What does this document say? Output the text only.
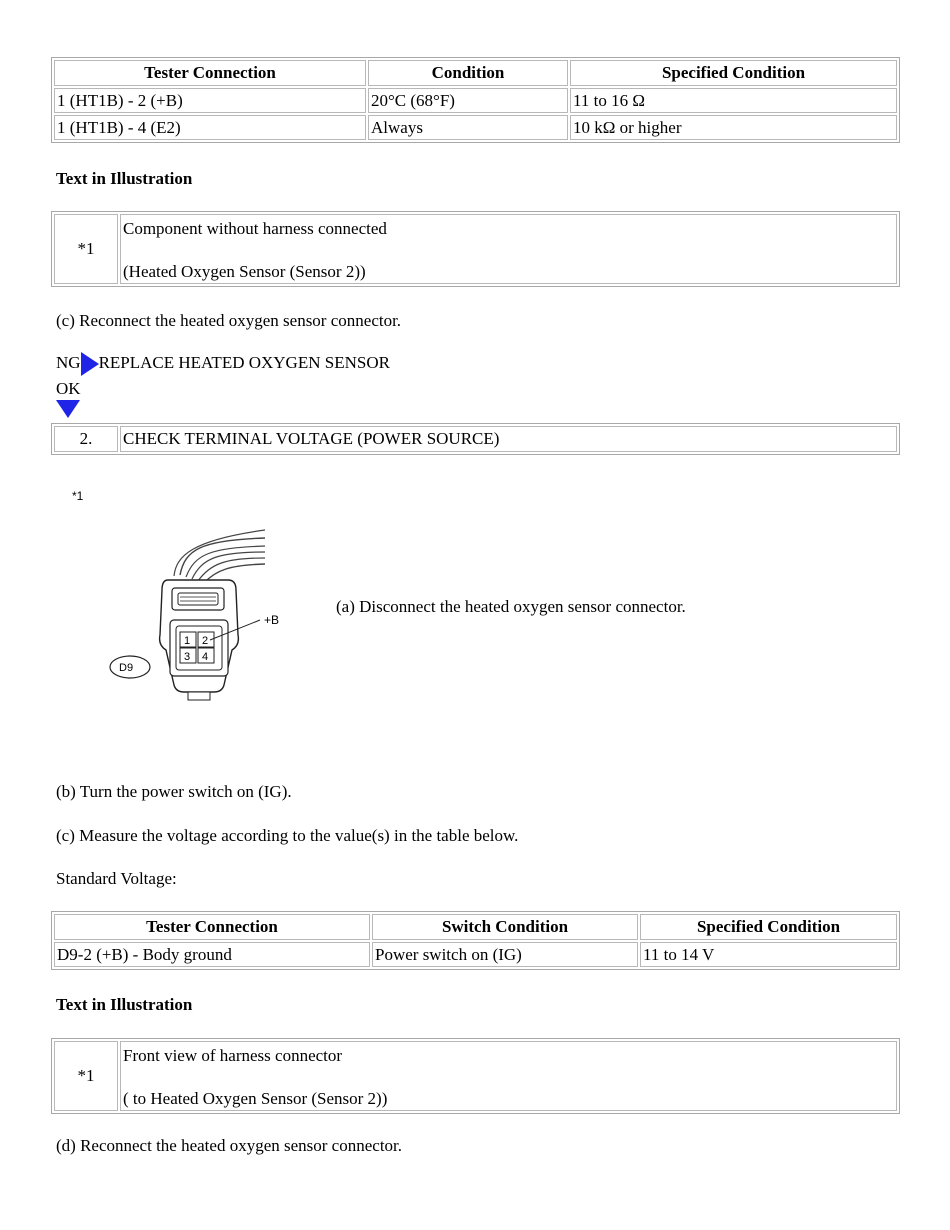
Tester Connection	Condition	Specified Condition
1 (HT1B) - 2 (+B)	20°C (68°F)	11 to 16 Ω
1 (HT1B) - 4 (E2)	Always	10 kΩ or higher
Text in Illustration
*1	
Component without harness connected
(Heated Oxygen Sensor (Sensor 2))
(c) Reconnect the heated oxygen sensor connector.
NG REPLACE HEATED OXYGEN SENSOR
OK
2.	CHECK TERMINAL VOLTAGE (POWER SOURCE)
*1
1 2
3 4
+B
D9
(a) Disconnect the heated oxygen sensor connector.
(b) Turn the power switch on (IG).
(c) Measure the voltage according to the value(s) in the table below.
Standard Voltage:
Tester Connection	Switch Condition	Specified Condition
D9-2 (+B) - Body ground	Power switch on (IG)	11 to 14 V
Text in Illustration
*1	
Front view of harness connector
( to Heated Oxygen Sensor (Sensor 2))
(d) Reconnect the heated oxygen sensor connector.
